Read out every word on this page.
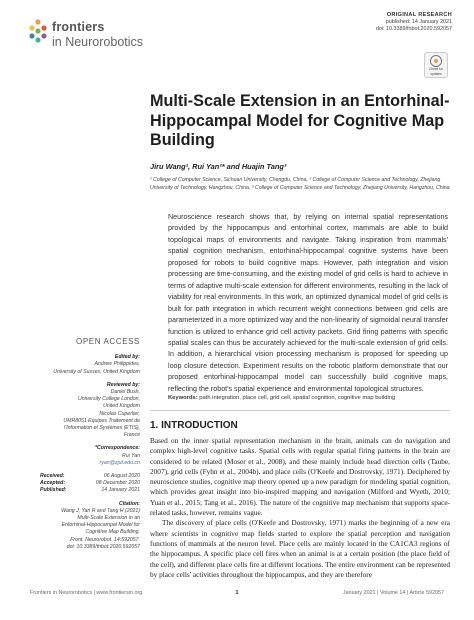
frontiers
in Neurorobotics
ORIGINAL RESEARCH
published: 14 January 2021
doi: 10.3389/fnbot.2020.592057
Check for
updates
Multi-Scale Extension in an Entorhinal-Hippocampal Model for Cognitive Map Building
Jiru Wang¹, Rui Yan²* and Huajin Tang³
¹ College of Computer Science, Sichuan University, Chengdu, China, ² College of Computer Science and Technology, Zhejiang University of Technology, Hangzhou, China, ³ College of Computer Science and Technology, Zhejiang University, Hangzhou, China
Neuroscience research shows that, by relying on internal spatial representations provided by the hippocampus and entorhinal cortex, mammals are able to build topological maps of environments and navigate. Taking inspiration from mammals' spatial cognition mechanism, entorhinal-hippocampal cognitive systems have been proposed for robots to build cognitive maps. However, path integration and vision processing are time-consuming, and the existing model of grid cells is hard to achieve in terms of adaptive multi-scale extension for different environments, resulting in the lack of viability for real environments. In this work, an optimized dynamical model of grid cells is built for path integration in which recurrent weight connections between grid cells are parameterized in a more optimized way and the non-linearity of sigmoidal neural transfer function is utilized to enhance grid cell activity packets. Grid firing patterns with specific spatial scales can thus be accurately achieved for the multi-scale extension of grid cells. In addition, a hierarchical vision processing mechanism is proposed for speeding up loop closure detection. Experiment results on the robotic platform demonstrate that our proposed entorhinal-hippocampal model can successfully build cognitive maps, reflecting the robot's spatial experience and environmental topological structures.
Keywords: path integration, place cell, grid cell, spatial cognition, cognitive map building
OPEN ACCESS
Edited by:
Andrew Philippides,
University of Sussex, United Kingdom
Reviewed by:
Daniel Bush,
University College London,
United Kingdom
Nicolas Cuperlier,
UMR8051 Equipes Traitement de
l'Information et Systèmes (ETIS),
France
*Correspondence:
Rui Yan
ryan@zjut.edu.cn
Received:	06 August 2020
Accepted:	08 December 2020
Published:	14 January 2021
Citation:
Wang J, Yan R and Tang H (2021)
Multi-Scale Extension in an
Entorhinal-Hippocampal Model for
Cognitive Map Building.
Front. Neurorobot. 14:592057.
doi: 10.3389/fnbot.2020.592057
1. INTRODUCTION

Based on the inner spatial representation mechanism in the brain, animals can do navigation and complex high-level cognitive tasks. Spatial cells with regular spatial firing patterns in the brain are considered to be related (Moser et al., 2008), and these mainly include head direction cells (Taube, 2007), grid cells (Fyhn et al., 2004b), and place cells (O'Keefe and Dostrovsky, 1971). Deciphered by neuroscience studies, cognitive map theory opened up a new paradigm for modeling spatial cognition, which provides great insight into bio-inspired mapping and navigation (Milford and Wyeth, 2010; Yuan et al., 2015; Tang et al., 2016). The nature of the cognitive map mechanism that supports space-related tasks, however, remains vague.

The discovery of place cells (O'Keefe and Dostrovsky, 1971) marks the beginning of a new era where scientists in cognitive map fields started to explore the spatial perception and navigation functions of mammals at the neuron level. Place cells are mainly located in the CA1CA3 regions of the hippocampus. A specific place cell fires when an animal is at a certain position (the place field of the cell), and different place cells fire at different locations. The entire environment can be represented by place cells' activities throughout the hippocampus, and they are therefore

Frontiers in Neurorobotics | www.frontiersin.org	1	January 2021 | Volume 14 | Article 592057
